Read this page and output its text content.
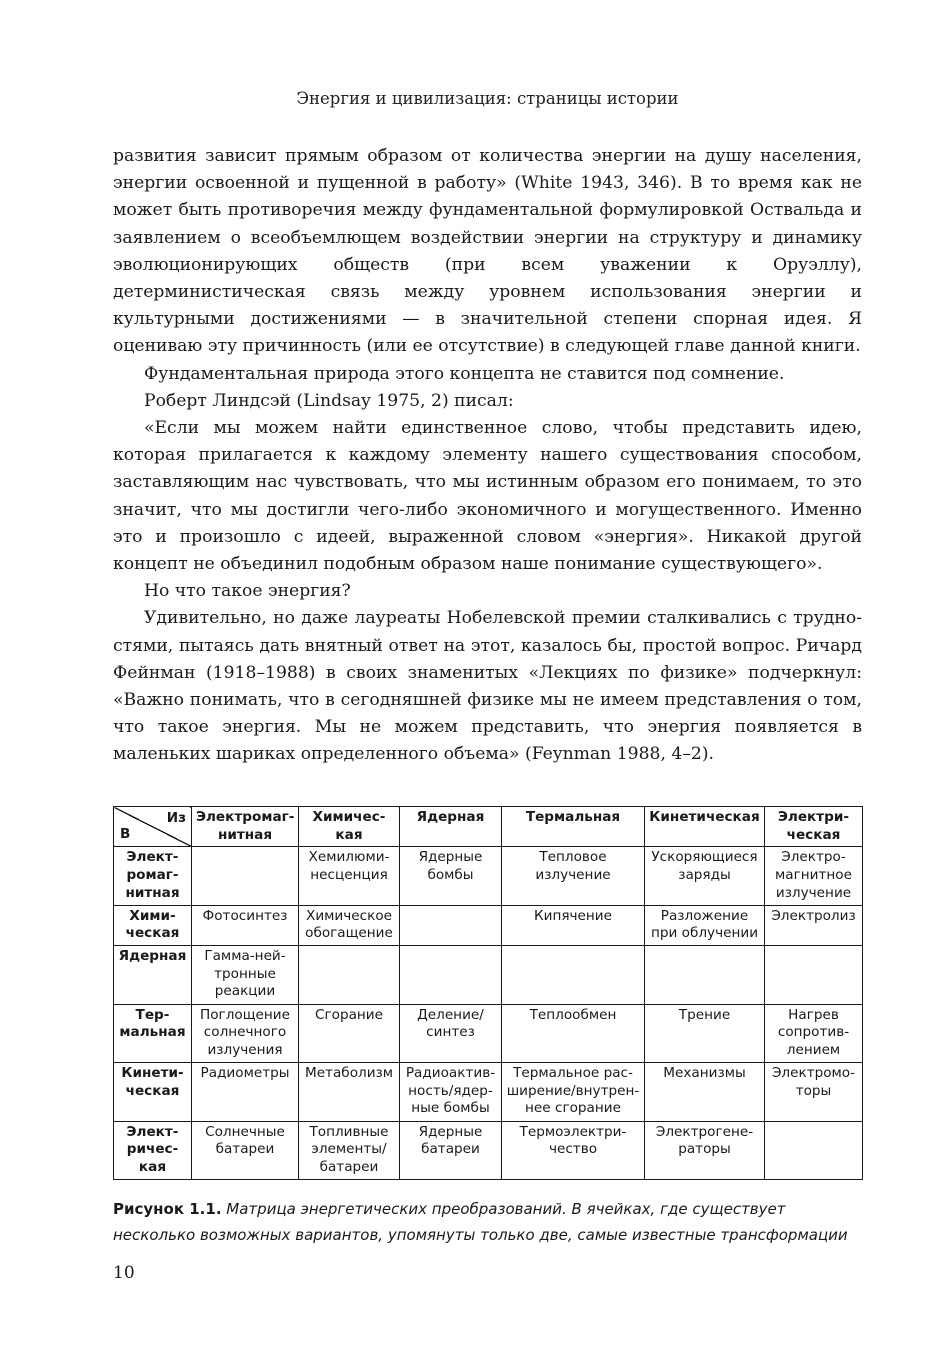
Энергия и цивилизация: страницы истории

развития зависит прямым образом от количества энергии на душу населения, энергии освоенной и пущенной в работу» (White 1943, 346). В то время как не может быть противоречия между фундаментальной формулировкой Оствальда и заявлением о всеобъемлющем воздействии энергии на структуру и динамику эволюционирующих обществ (при всем уважении к Оруэллу), детерминистическая связь между уровнем использования энергии и культурными достижениями — в значительной степени спорная идея. Я оцениваю эту причинность (или ее отсутствие) в следующей главе данной книги.

Фундаментальная природа этого концепта не ставится под сомнение.

Роберт Линдсэй (Lindsay 1975, 2) писал:

«Если мы можем найти единственное слово, чтобы представить идею, которая прилагается к каждому элементу нашего существования способом, заставляющим нас чувствовать, что мы истинным образом его понимаем, то это значит, что мы достигли чего-либо экономичного и могущественного. Именно это и произошло с идеей, выраженной словом «энергия». Никакой другой концепт не объединил подобным образом наше понимание существующего».

Но что такое энергия?

Удивительно, но даже лауреаты Нобелевской премии сталкивались с трудностями, пытаясь дать внятный ответ на этот, казалось бы, простой вопрос. Ричард Фейнман (1918–1988) в своих знаменитых «Лекциях по физике» подчеркнул: «Важно понимать, что в сегодняшней физике мы не имеем представления о том, что такое энергия. Мы не можем представить, что энергия появляется в маленьких шариках определенного объема» (Feynman 1988, 4–2).

Из
В	Электромагнитная	Химическая	Ядерная	Термальная	Кинетическая	Электрическая
Электромагнитная		Хемилюминесценция	Ядерные бомбы	Тепловое излучение	Ускоряющиеся заряды	Электромагнитное излучение
Химическая	Фотосинтез	Химическое обогащение		Кипячение	Разложение при облучении	Электролиз
Ядерная	Гамма-нейтронные реакции					
Термальная	Поглощение солнечного излучения	Сгорание	Деление/ синтез	Теплообмен	Трение	Нагрев сопротивлением
Кинетическая	Радиометры	Метаболизм	Радиоактивность/ядерные бомбы	Термальное расширение/внутреннее сгорание	Механизмы	Электромоторы
Электрическая	Солнечные батареи	Топливные элементы/ батареи	Ядерные батареи	Термоэлектричество	Электрогенераторы	
Рисунок 1.1. Матрица энергетических преобразований. В ячейках, где существует несколько возможных вариантов, упомянуты только две, самые известные трансформации
10
